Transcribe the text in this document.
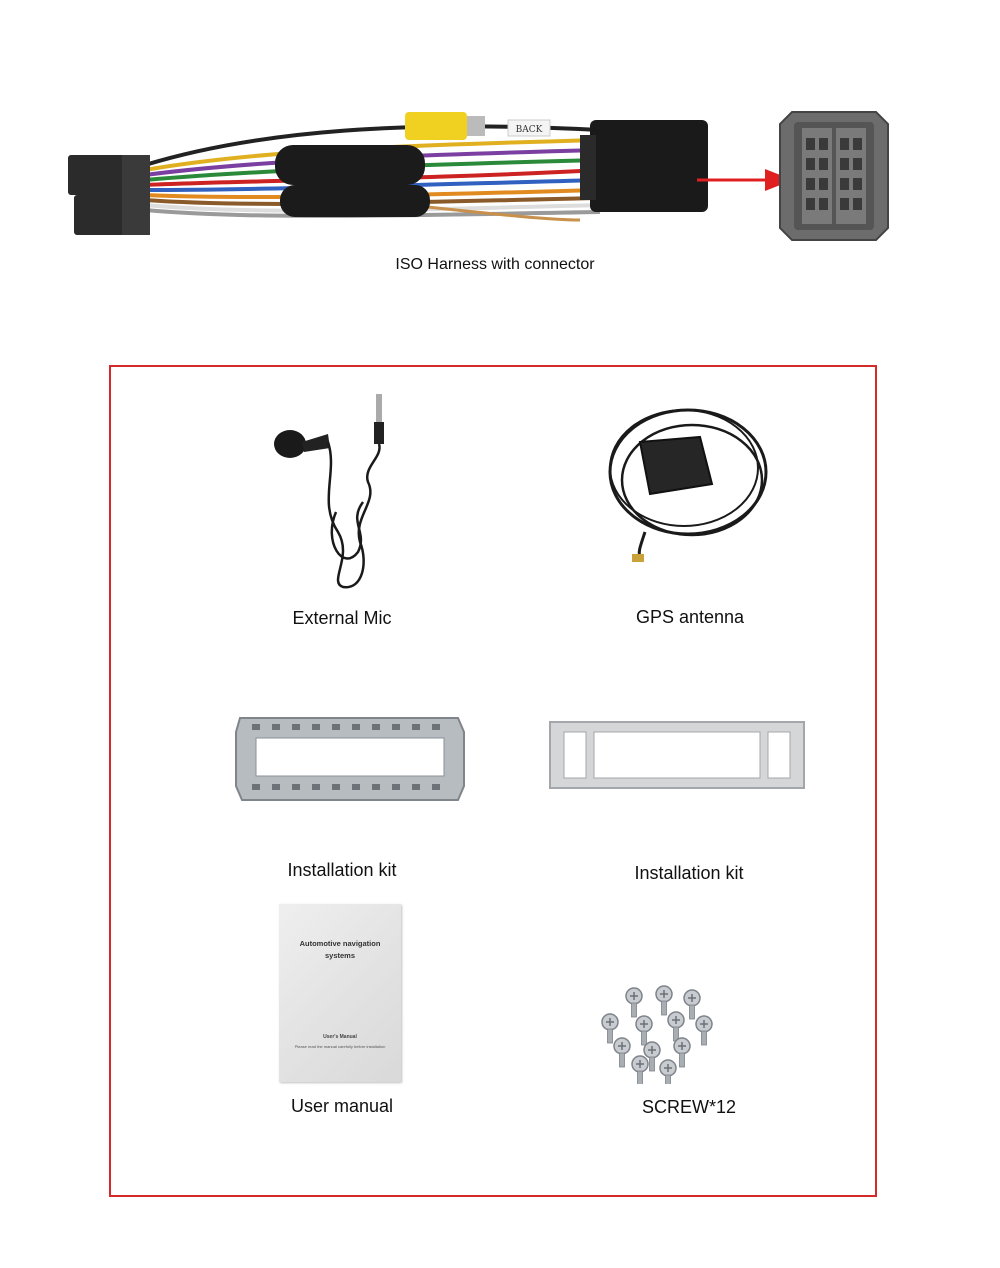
BACK
ISO Harness with connector
External Mic	GPS antenna
Installation kit	Installation kit
Automotive navigation systems
User's Manual
Please read the manual carefully before installation
User manual	SCREW*12
